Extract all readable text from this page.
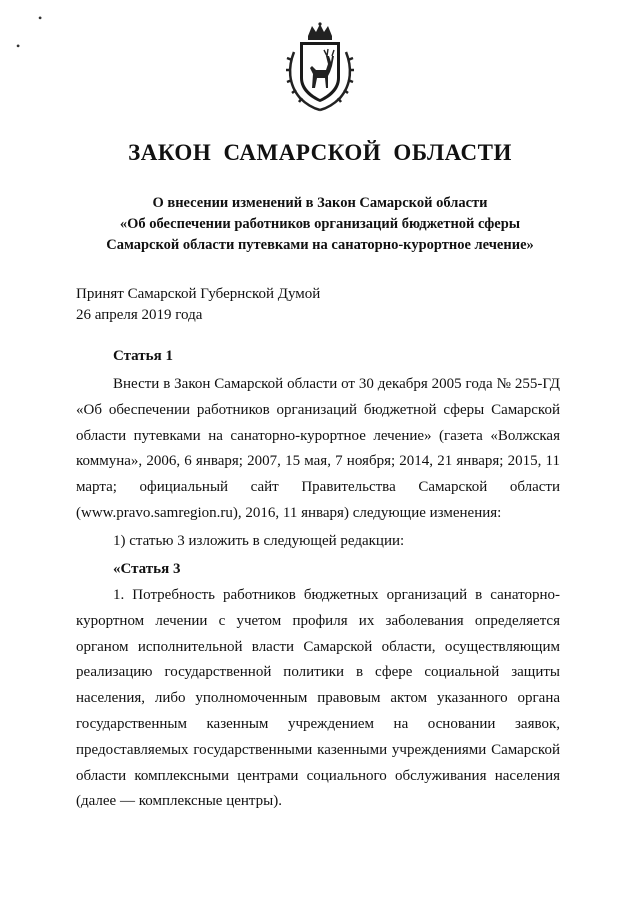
•
•
ЗАКОН САМАРСКОЙ ОБЛАСТИ
О внесении изменений в Закон Самарской области
«Об обеспечении работников организаций бюджетной сферы
Самарской области путевками на санаторно-курортное лечение»
Принят Самарской Губернской Думой
26 апреля 2019 года
Статья 1
Внести в Закон Самарской области от 30 декабря 2005 года № 255-ГД «Об обеспечении работников организаций бюджетной сферы Самарской области путевками на санаторно-курортное лечение» (газета «Волжская коммуна», 2006, 6 января; 2007, 15 мая, 7 ноября; 2014, 21 января; 2015, 11 марта; официальный сайт Правительства Самарской области (www.pravo.samregion.ru), 2016, 11 января) следующие изменения:
1) статью 3 изложить в следующей редакции:
«Статья 3
1. Потребность работников бюджетных организаций в санаторно-курортном лечении с учетом профиля их заболевания определяется органом исполнительной власти Самарской области, осуществляющим реализацию государственной политики в сфере социальной защиты населения, либо уполномоченным правовым актом указанного органа государственным казенным учреждением на основании заявок, предоставляемых государственными казенными учреждениями Самарской области комплексными центрами социального обслуживания населения (далее — комплексные центры).
